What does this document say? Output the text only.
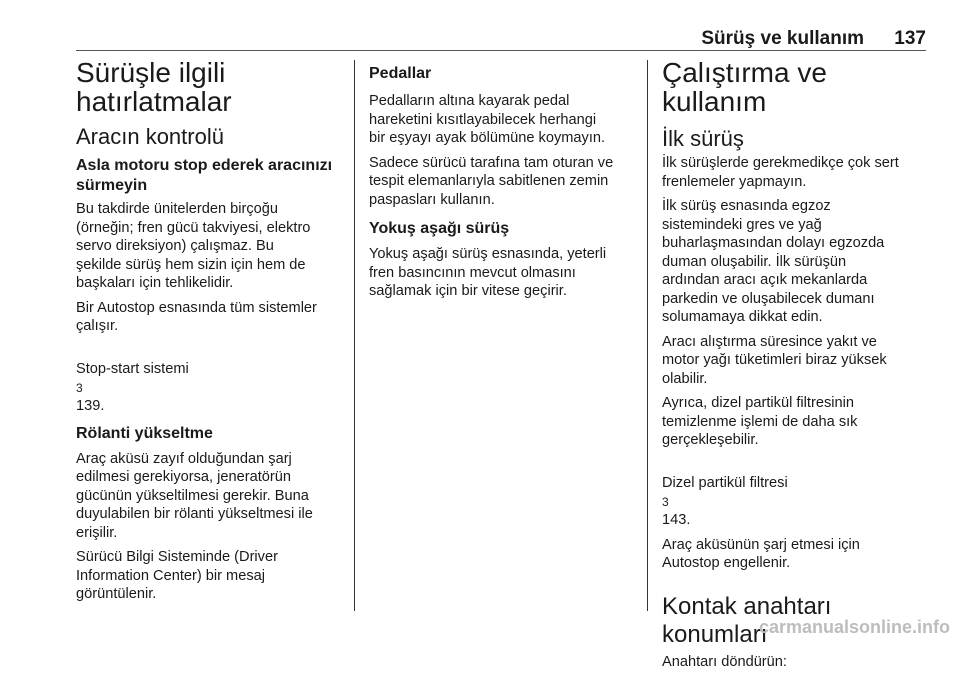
Sürüş ve kullanım 137
Sürüşle ilgili
hatırlatmalar
Aracın kontrolü
Asla motoru stop ederek aracınızı sürmeyin
Bu takdirde ünitelerden birçoğu
(örneğin; fren gücü takviyesi, elektro
servo direksiyon) çalışmaz. Bu
şekilde sürüş hem sizin için hem de
başkaları için tehlikelidir.
Bir Autostop esnasında tüm sistemler
çalışır.

Stop-start sistemi
3
139.

Rölanti yükseltme
Araç aküsü zayıf olduğundan şarj
edilmesi gerekiyorsa, jeneratörün
gücünün yükseltilmesi gerekir. Buna
duyulabilen bir rölanti yükseltmesi ile
erişilir.
Sürücü Bilgi Sisteminde (Driver
Information Center) bir mesaj
görüntülenir.
Pedallar
Pedalların altına kayarak pedal
hareketini kısıtlayabilecek herhangi
bir eşyayı ayak bölümüne koymayın.
Sadece sürücü tarafına tam oturan ve
tespit elemanlarıyla sabitlenen zemin
paspasları kullanın.
Yokuş aşağı sürüş
Yokuş aşağı sürüş esnasında, yeterli
fren basıncının mevcut olmasını
sağlamak için bir vitese geçirir.
Çalıştırma ve kullanım
İlk sürüş
İlk sürüşlerde gerekmedikçe çok sert
frenlemeler yapmayın.
İlk sürüş esnasında egzoz
sistemindeki gres ve yağ
buharlaşmasından dolayı egzozda
duman oluşabilir. İlk sürüşün
ardından aracı açık mekanlarda
parkedin ve oluşabilecek dumanı
solumamaya dikkat edin.
Aracı alıştırma süresince yakıt ve
motor yağı tüketimleri biraz yüksek
olabilir.
Ayrıca, dizel partikül filtresinin
temizlenme işlemi de daha sık
gerçekleşebilir.

Dizel partikül filtresi
3
143.

Araç aküsünün şarj etmesi için
Autostop engellenir.
Kontak anahtarı konumları
Anahtarı döndürün:
carmanualsonline.info
